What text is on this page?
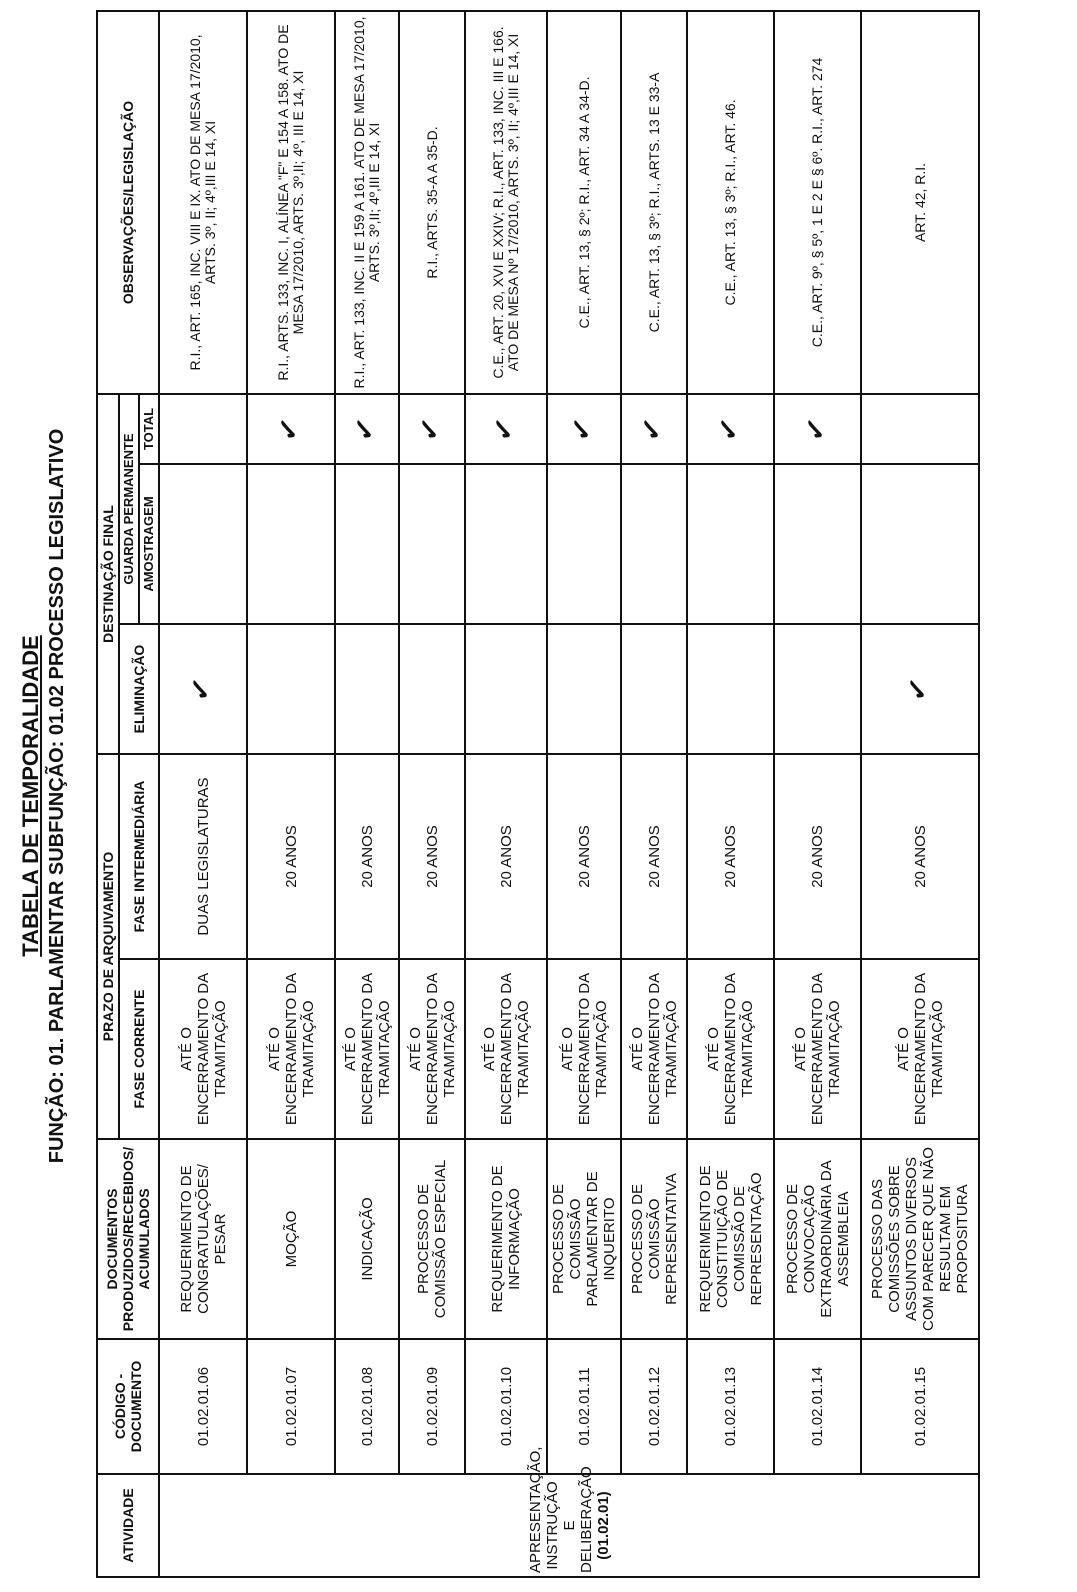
TABELA DE TEMPORALIDADE FUNÇÃO: 01. PARLAMENTAR SUBFUNÇÃO: 01.02 PROCESSO LEGISLATIVO
ATIVIDADE	CÓDIGO - DOCUMENTO	DOCUMENTOS PRODUZIDOS/RECEBIDOS/ ACUMULADOS	PRAZO DE ARQUIVAMENTO		DESTINAÇÃO FINAL			OBSERVAÇÕES/LEGISLAÇÃO
			FASE CORRENTE	FASE INTERMEDIÁRIA	ELIMINAÇÃO	GUARDA PERMANENTE		
						AMOSTRAGEM	TOTAL	

APRESENTAÇÃO, INSTRUÇÃO E DELIBERAÇÃO (01.02.01)	01.02.01.06	REQUERIMENTO DE CONGRATULAÇÕES/ PESAR	ATÉ O ENCERRAMENTO DA TRAMITAÇÃO	DUAS LEGISLATURAS	✓			R.I., ART. 165, INC. VIII E IX. ATO DE MESA 17/2010, ARTS. 3º, II; 4º,III E 14, XI
	01.02.01.07	MOÇÃO	ATÉ O ENCERRAMENTO DA TRAMITAÇÃO	20 ANOS			✓	R.I., ARTS. 133, INC. I, ALÍNEA "F" E 154 A 158. ATO DE MESA 17/2010, ARTS. 3º,II; 4º, III E 14, XI
	01.02.01.08	INDICAÇÃO	ATÉ O ENCERRAMENTO DA TRAMITAÇÃO	20 ANOS			✓	R.I., ART. 133, INC. II E 159 A 161. ATO DE MESA 17/2010, ARTS. 3º,II; 4º,III E 14, XI
	01.02.01.09	PROCESSO DE COMISSÃO ESPECIAL	ATÉ O ENCERRAMENTO DA TRAMITAÇÃO	20 ANOS			✓	R.I., ARTS. 35-A A 35-D.
	01.02.01.10	REQUERIMENTO DE INFORMAÇÃO	ATÉ O ENCERRAMENTO DA TRAMITAÇÃO	20 ANOS			✓	C.E., ART. 20, XVI E XXIV; R.I., ART. 133, INC. III E 166. ATO DE MESA Nº 17/2010, ARTS. 3º, II; 4º,III E 14, XI
	01.02.01.11	PROCESSO DE COMISSÃO PARLAMENTAR DE INQUERITO	ATÉ O ENCERRAMENTO DA TRAMITAÇÃO	20 ANOS			✓	C.E., ART. 13, § 2º; R.I., ART. 34 A 34-D.
	01.02.01.12	PROCESSO DE COMISSÃO REPRESENTATIVA	ATÉ O ENCERRAMENTO DA TRAMITAÇÃO	20 ANOS			✓	C.E., ART. 13, § 3º; R.I., ARTS. 13 E 33-A
	01.02.01.13	REQUERIMENTO DE CONSTITUIÇÃO DE COMISSÃO DE REPRESENTAÇÃO	ATÉ O ENCERRAMENTO DA TRAMITAÇÃO	20 ANOS			✓	C.E., ART. 13, § 3º; R.I., ART. 46.
	01.02.01.14	PROCESSO DE CONVOCAÇÃO EXTRAORDINÁRIA DA ASSEMBLEIA	ATÉ O ENCERRAMENTO DA TRAMITAÇÃO	20 ANOS			✓	C.E., ART. 9º, § 5º, 1 E 2 E § 6º. R.I., ART. 274
	01.02.01.15	PROCESSO DAS COMISSÕES SOBRE ASSUNTOS DIVERSOS COM PARECER QUE NÃO RESULTAM EM PROPOSITURA	ATÉ O ENCERRAMENTO DA TRAMITAÇÃO	20 ANOS	✓			ART. 42, R.I.
